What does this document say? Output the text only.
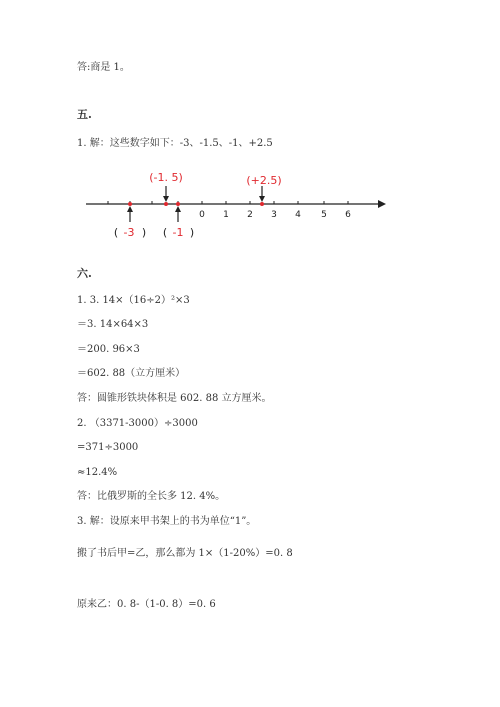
答:商是 1。
五.
1. 解：这些数字如下：-3、-1.5、-1、+2.5
0 1 2 3 4 5 6
(-1. 5)	(+2.5)
( -3 ) ( -1 )
六.
1. 3. 14×（16÷2）²×3
＝3. 14×64×3
＝200. 96×3
＝602. 88（立方厘米）
答：圆锥形铁块体积是 602. 88 立方厘米。
2. （3371-3000）÷3000
=371÷3000
≈12.4%
答：比俄罗斯的全长多 12. 4%。
3. 解：设原来甲书架上的书为单位“1”。
搬了书后甲=乙，那么都为 1×（1-20%）=0. 8
原来乙：0. 8-（1-0. 8）=0. 6
